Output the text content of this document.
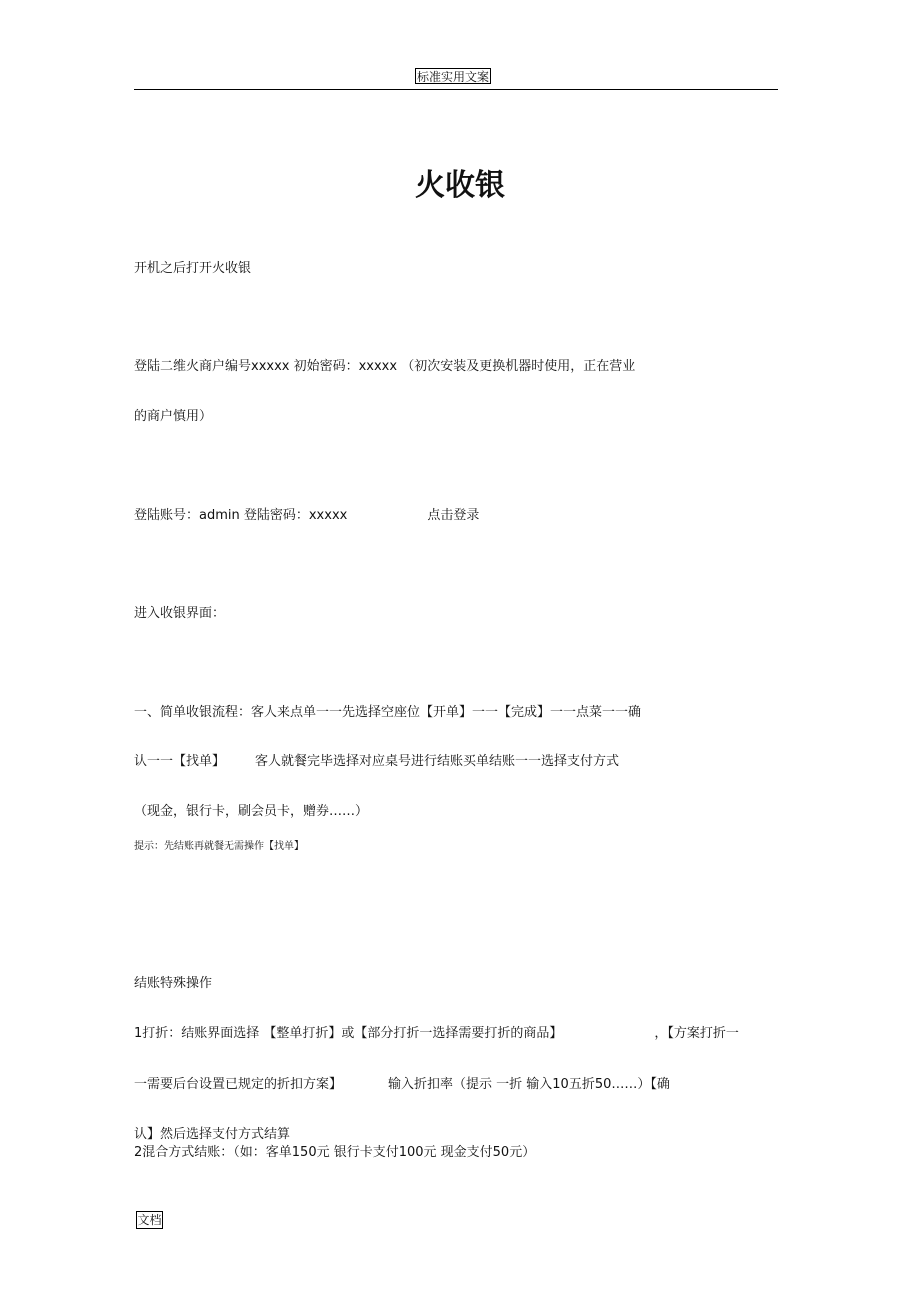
标准实用文案
火收银

开机之后打开火收银

登陆二维火商户编号xxxxx 初始密码：xxxxx （初次安装及更换机器时使用，正在营业

的商户慎用）

登陆账号：admin 登陆密码：xxxxx	点击登录

进入收银界面：

一、简单收银流程：客人来点单一一先选择空座位【开单】一一【完成】一一点菜一一确

认一一【找单】 客人就餐完毕选择对应桌号进行结账买单结账一一选择支付方式

（现金，银行卡，刷会员卡，赠券……）

提示：先结账再就餐无需操作【找单】

结账特殊操作

1打折：结账界面选择 【整单打折】或【部分打折一选择需要打折的商品】	，【方案打折一

一需要后台设置已规定的折扣方案】	输入折扣率（提示 一折 输入10五折50……）【确

认】然后选择支付方式结算

2混合方式结账：（如：客单150元 银行卡支付100元 现金支付50元）

文档
